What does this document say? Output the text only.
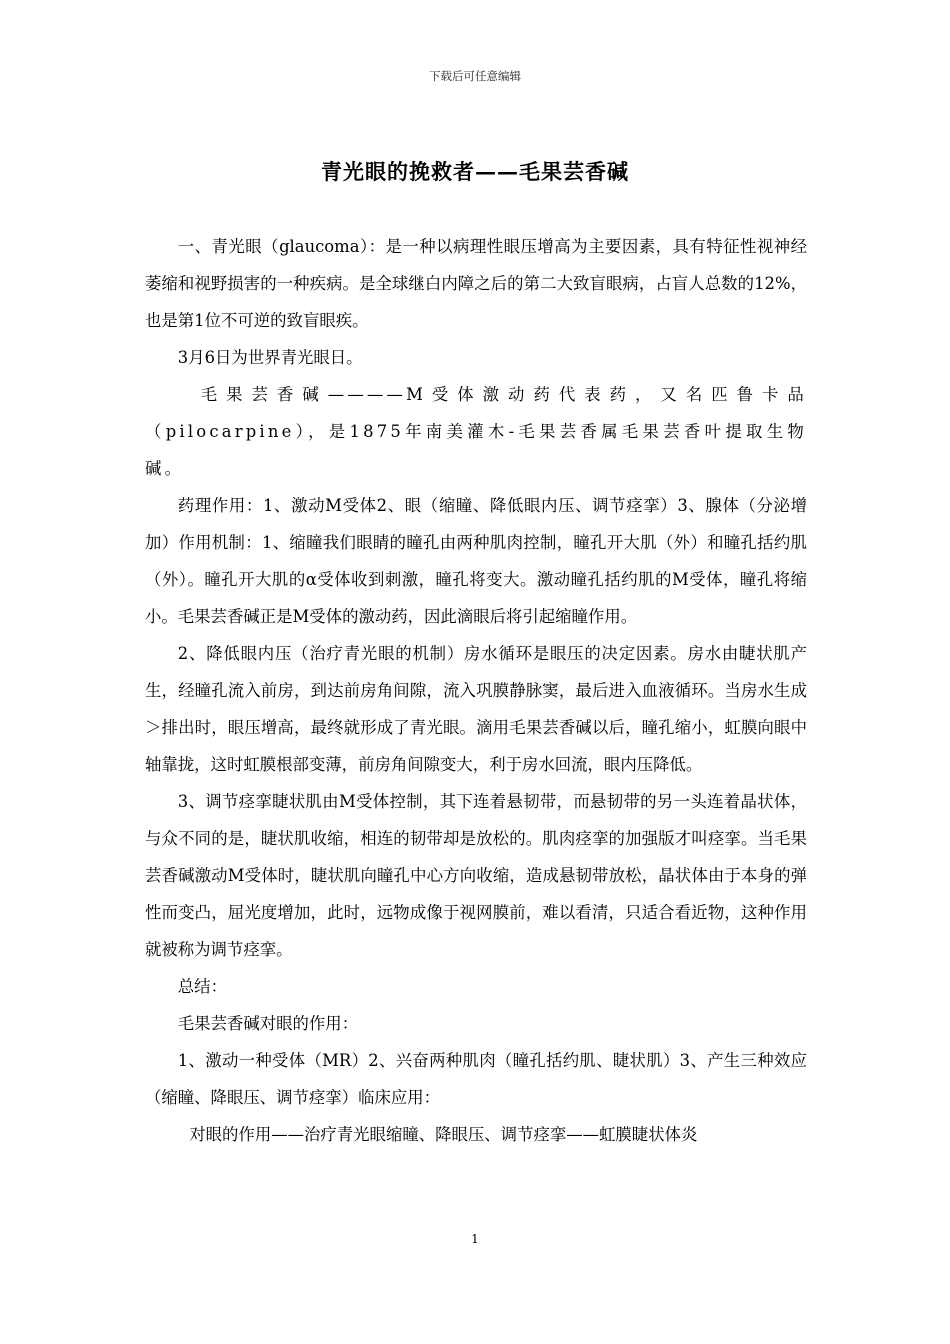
下载后可任意编辑
青光眼的挽救者——毛果芸香碱

一、青光眼（glaucoma）：是一种以病理性眼压增高为主要因素，具有特征性视神经萎缩和视野损害的一种疾病。是全球继白内障之后的第二大致盲眼病，占盲人总数的12%，也是第1位不可逆的致盲眼疾。

3月6日为世界青光眼日。

毛果芸香碱————M受体激动药代表药，又名匹鲁卡品（pilocarpine），是1875年南美灌木-毛果芸香属毛果芸香叶提取生物碱。

药理作用：1、激动M受体2、眼（缩瞳、降低眼内压、调节痉挛）3、腺体（分泌增加）作用机制：1、缩瞳我们眼睛的瞳孔由两种肌肉控制，瞳孔开大肌（外）和瞳孔括约肌（外）。瞳孔开大肌的α受体收到刺激，瞳孔将变大。激动瞳孔括约肌的M受体，瞳孔将缩小。毛果芸香碱正是M受体的激动药，因此滴眼后将引起缩瞳作用。

2、降低眼内压（治疗青光眼的机制）房水循环是眼压的决定因素。房水由睫状肌产生，经瞳孔流入前房，到达前房角间隙，流入巩膜静脉窦，最后进入血液循环。当房水生成＞排出时，眼压增高，最终就形成了青光眼。滴用毛果芸香碱以后，瞳孔缩小，虹膜向眼中轴靠拢，这时虹膜根部变薄，前房角间隙变大，利于房水回流，眼内压降低。

3、调节痉挛睫状肌由M受体控制，其下连着悬韧带，而悬韧带的另一头连着晶状体，与众不同的是，睫状肌收缩，相连的韧带却是放松的。肌肉痉挛的加强版才叫痉挛。当毛果芸香碱激动M受体时，睫状肌向瞳孔中心方向收缩，造成悬韧带放松，晶状体由于本身的弹性而变凸，屈光度增加，此时，远物成像于视网膜前，难以看清，只适合看近物，这种作用就被称为调节痉挛。

总结：

毛果芸香碱对眼的作用：

1、激动一种受体（MR）2、兴奋两种肌肉（瞳孔括约肌、睫状肌）3、产生三种效应（缩瞳、降眼压、调节痉挛）临床应用：

对眼的作用——治疗青光眼缩瞳、降眼压、调节痉挛——虹膜睫状体炎

1
